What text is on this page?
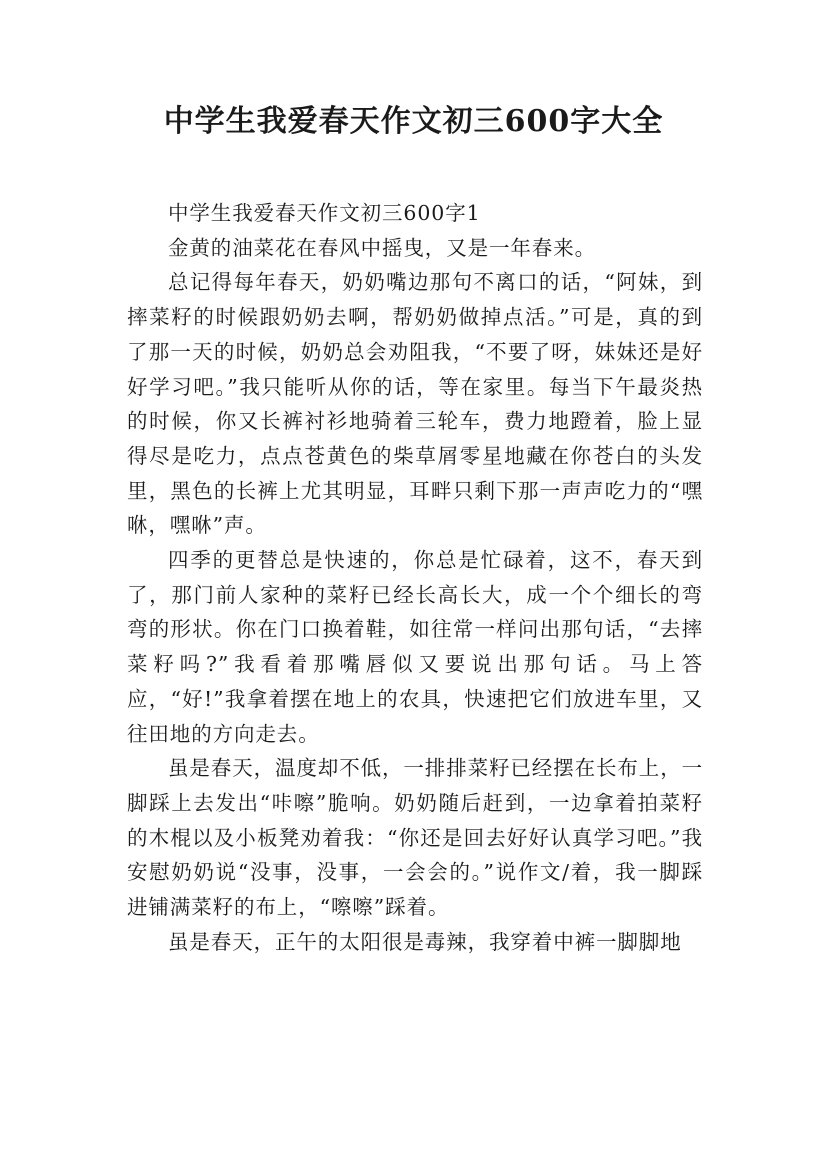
中学生我爱春天作文初三600字大全

中学生我爱春天作文初三600字1

金黄的油菜花在春风中摇曳，又是一年春来。

总记得每年春天，奶奶嘴边那句不离口的话，“阿妹，到摔菜籽的时候跟奶奶去啊，帮奶奶做掉点活。”可是，真的到了那一天的时候，奶奶总会劝阻我，“不要了呀，妹妹还是好好学习吧。”我只能听从你的话，等在家里。每当下午最炎热的时候，你又长裤衬衫地骑着三轮车，费力地蹬着，脸上显得尽是吃力，点点苍黄色的柴草屑零星地藏在你苍白的头发里，黑色的长裤上尤其明显，耳畔只剩下那一声声吃力的“嘿咻，嘿咻”声。

四季的更替总是快速的，你总是忙碌着，这不，春天到了，那门前人家种的菜籽已经长高长大，成一个个细长的弯弯的形状。你在门口换着鞋，如往常一样问出那句话，“去摔菜籽吗?”我看着那嘴唇似又要说出那句话。马上答应，“好!”我拿着摆在地上的农具，快速把它们放进车里，又往田地的方向走去。

虽是春天，温度却不低，一排排菜籽已经摆在长布上，一脚踩上去发出“咔嚓”脆响。奶奶随后赶到，一边拿着拍菜籽的木棍以及小板凳劝着我：“你还是回去好好认真学习吧。”我安慰奶奶说“没事，没事，一会会的。”说作文/着，我一脚踩进铺满菜籽的布上，“嚓嚓”踩着。

虽是春天，正午的太阳很是毒辣，我穿着中裤一脚脚地
